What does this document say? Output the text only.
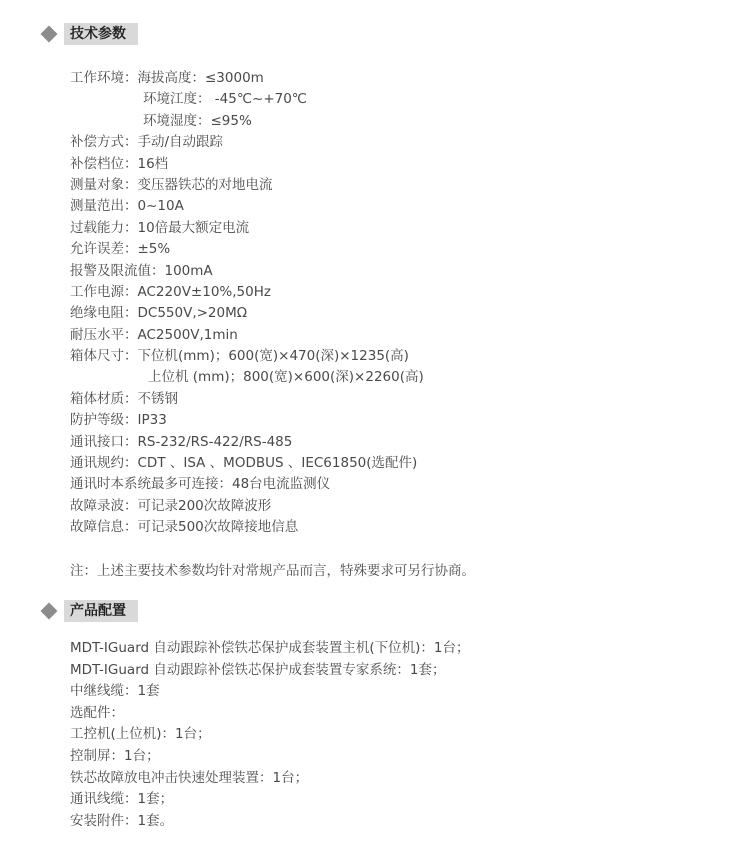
技术参数
工作环境：海拔高度：≤3000m
环境江度： -45℃~+70℃
环境湿度：≤95%
补偿方式：手动/自动跟踪
补偿档位：16档
测量对象：变压器铁芯的对地电流
测量范出：0~10A
过载能力：10倍最大额定电流
允许误差：±5%
报警及限流值：100mA
工作电源：AC220V±10%,50Hz
绝缘电阻：DC550V,>20MΩ
耐压水平：AC2500V,1min
箱体尺寸：下位机(mm)；600(宽)×470(深)×1235(高)
上位机 (mm)；800(宽)×600(深)×2260(高)
箱体材质：不锈钢
防护等级：IP33
通讯接口：RS-232/RS-422/RS-485
通讯规约：CDT 、ISA 、MODBUS 、IEC61850(选配件)
通讯时本系统最多可连接：48台电流监测仪
故障录波：可记录200次故障波形
故障信息：可记录500次故障接地信息
注：上述主要技术参数均针对常规产品而言，特殊要求可另行协商。
产品配置
MDT-IGuard 自动跟踪补偿铁芯保护成套装置主机(下位机)：1台；
MDT-IGuard 自动跟踪补偿铁芯保护成套装置专家系统：1套；
中继线缆：1套
选配件：
工控机(上位机)：1台；
控制屏：1台；
铁芯故障放电冲击快速处理装置：1台；
通讯线缆：1套；
安装附件：1套。
